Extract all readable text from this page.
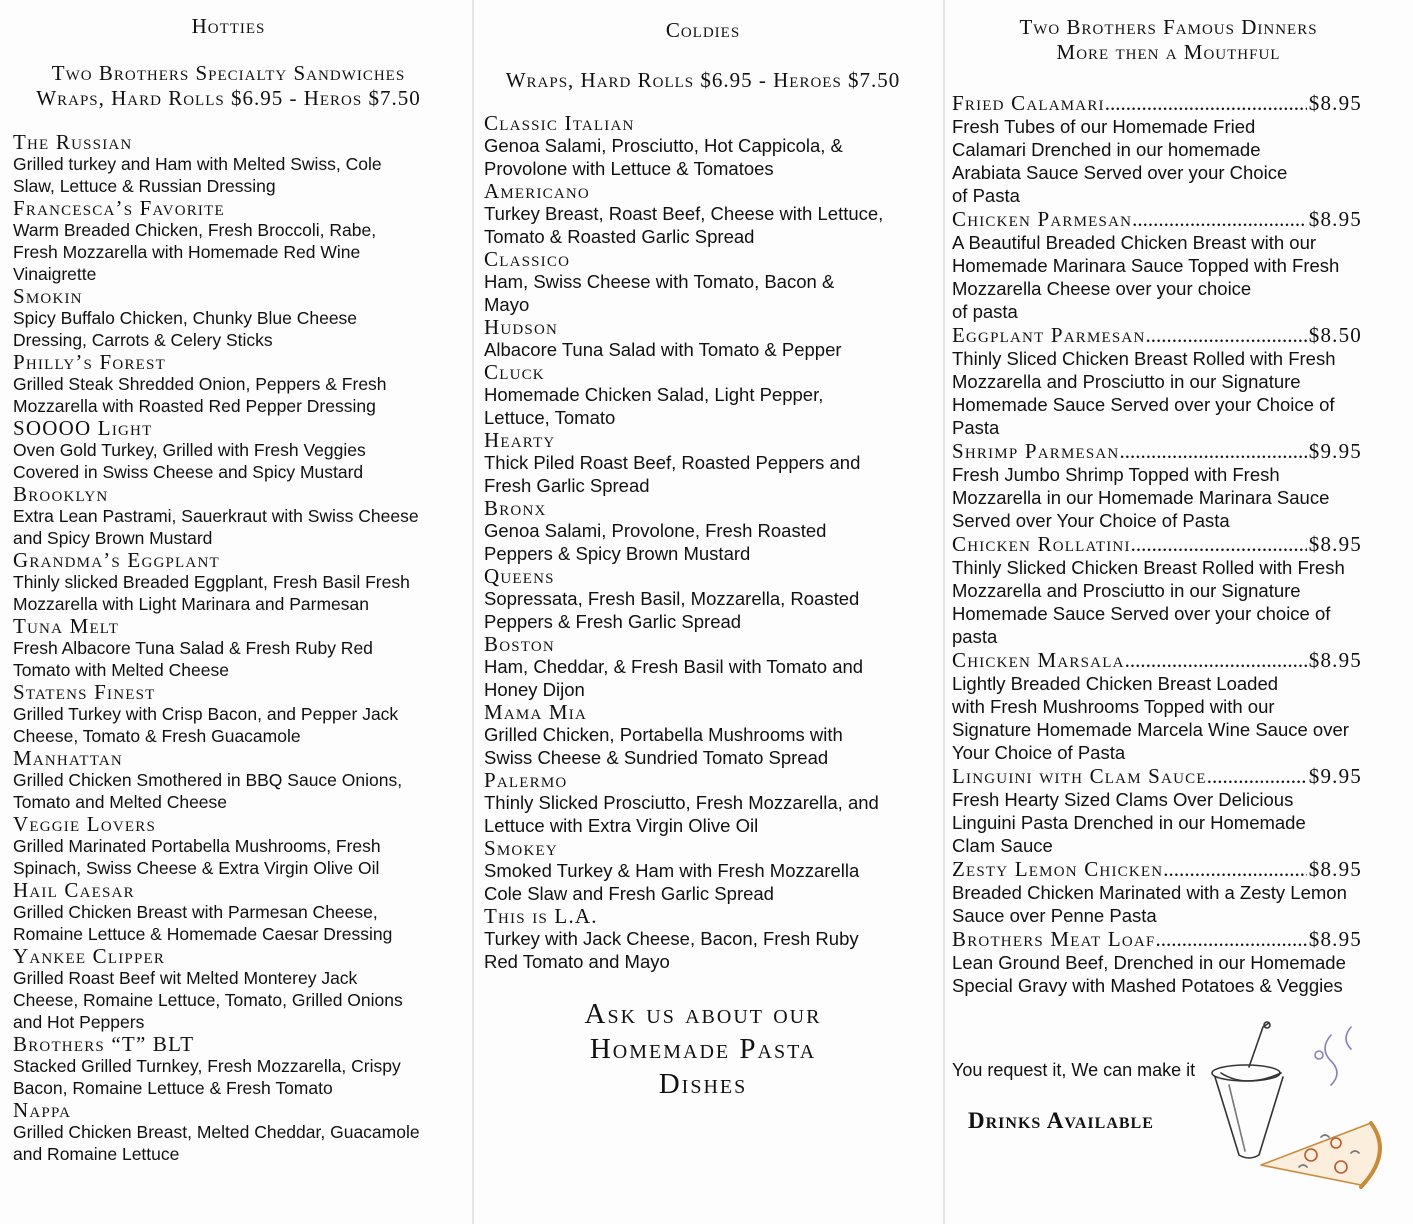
Hotties
Two Brothers Specialty Sandwiches
Wraps, Hard Rolls $6.95 - Heros $7.50
The Russian
Grilled turkey and Ham with Melted Swiss, Cole
Slaw, Lettuce & Russian Dressing
Francesca’s Favorite
Warm Breaded Chicken, Fresh Broccoli, Rabe,
Fresh Mozzarella with Homemade Red Wine
Vinaigrette
Smokin
Spicy Buffalo Chicken, Chunky Blue Cheese
Dressing, Carrots & Celery Sticks
Philly’s Forest
Grilled Steak Shredded Onion, Peppers & Fresh
Mozzarella with Roasted Red Pepper Dressing
SOOOO Light
Oven Gold Turkey, Grilled with Fresh Veggies
Covered in Swiss Cheese and Spicy Mustard
Brooklyn
Extra Lean Pastrami, Sauerkraut with Swiss Cheese
and Spicy Brown Mustard
Grandma’s Eggplant
Thinly slicked Breaded Eggplant, Fresh Basil Fresh
Mozzarella with Light Marinara and Parmesan
Tuna Melt
Fresh Albacore Tuna Salad & Fresh Ruby Red
Tomato with Melted Cheese
Statens Finest
Grilled Turkey with Crisp Bacon, and Pepper Jack
Cheese, Tomato & Fresh Guacamole
Manhattan
Grilled Chicken Smothered in BBQ Sauce Onions,
Tomato and Melted Cheese
Veggie Lovers
Grilled Marinated Portabella Mushrooms, Fresh
Spinach, Swiss Cheese & Extra Virgin Olive Oil
Hail Caesar
Grilled Chicken Breast with Parmesan Cheese,
Romaine Lettuce & Homemade Caesar Dressing
Yankee Clipper
Grilled Roast Beef wit Melted Monterey Jack
Cheese, Romaine Lettuce, Tomato, Grilled Onions
and Hot Peppers
Brothers “T” BLT
Stacked Grilled Turnkey, Fresh Mozzarella, Crispy
Bacon, Romaine Lettuce & Fresh Tomato
Nappa
Grilled Chicken Breast, Melted Cheddar, Guacamole
and Romaine Lettuce
Coldies
Wraps, Hard Rolls $6.95 - Heroes $7.50
Classic Italian
Genoa Salami, Prosciutto, Hot Cappicola, &
Provolone with Lettuce & Tomatoes
Americano
Turkey Breast, Roast Beef, Cheese with Lettuce,
Tomato & Roasted Garlic Spread
Classico
Ham, Swiss Cheese with Tomato, Bacon &
Mayo
Hudson
Albacore Tuna Salad with Tomato & Pepper
Cluck
Homemade Chicken Salad, Light Pepper,
Lettuce, Tomato
Hearty
Thick Piled Roast Beef, Roasted Peppers and
Fresh Garlic Spread
Bronx
Genoa Salami, Provolone, Fresh Roasted
Peppers & Spicy Brown Mustard
Queens
Sopressata, Fresh Basil, Mozzarella, Roasted
Peppers & Fresh Garlic Spread
Boston
Ham, Cheddar, & Fresh Basil with Tomato and
Honey Dijon
Mama Mia
Grilled Chicken, Portabella Mushrooms with
Swiss Cheese & Sundried Tomato Spread
Palermo
Thinly Slicked Prosciutto, Fresh Mozzarella, and
Lettuce with Extra Virgin Olive Oil
Smokey
Smoked Turkey & Ham with Fresh Mozzarella
Cole Slaw and Fresh Garlic Spread
This is L.A.
Turkey with Jack Cheese, Bacon, Fresh Ruby
Red Tomato and Mayo
Ask us about our
Homemade Pasta
Dishes
Two Brothers Famous Dinners
More then a Mouthful
Fried Calamari .....	$8.95
Fresh Tubes of our Homemade Fried
Calamari Drenched in our homemade
Arabiata Sauce Served over your Choice
of Pasta
Chicken Parmesan .....	$8.95
A Beautiful Breaded Chicken Breast with our
Homemade Marinara Sauce Topped with Fresh
Mozzarella Cheese over your choice
of pasta
Eggplant Parmesan .....	$8.50
Thinly Sliced Chicken Breast Rolled with Fresh
Mozzarella and Prosciutto in our Signature
Homemade Sauce Served over your Choice of
Pasta
Shrimp Parmesan .....	$9.95
Fresh Jumbo Shrimp Topped with Fresh
Mozzarella in our Homemade Marinara Sauce
Served over Your Choice of Pasta
Chicken Rollatini .....	$8.95
Thinly Slicked Chicken Breast Rolled with Fresh
Mozzarella and Prosciutto in our Signature
Homemade Sauce Served over your choice of
pasta
Chicken Marsala .....	$8.95
Lightly Breaded Chicken Breast Loaded
with Fresh Mushrooms Topped with our
Signature Homemade Marcela Wine Sauce over
Your Choice of Pasta
Linguini with Clam Sauce .....	$9.95
Fresh Hearty Sized Clams Over Delicious
Linguini Pasta Drenched in our Homemade
Clam Sauce
Zesty Lemon Chicken .....	$8.95
Breaded Chicken Marinated with a Zesty Lemon
Sauce over Penne Pasta
Brothers Meat Loaf .....	$8.95
Lean Ground Beef, Drenched in our Homemade
Special Gravy with Mashed Potatoes & Veggies
You request it, We can make it
Drinks Available
